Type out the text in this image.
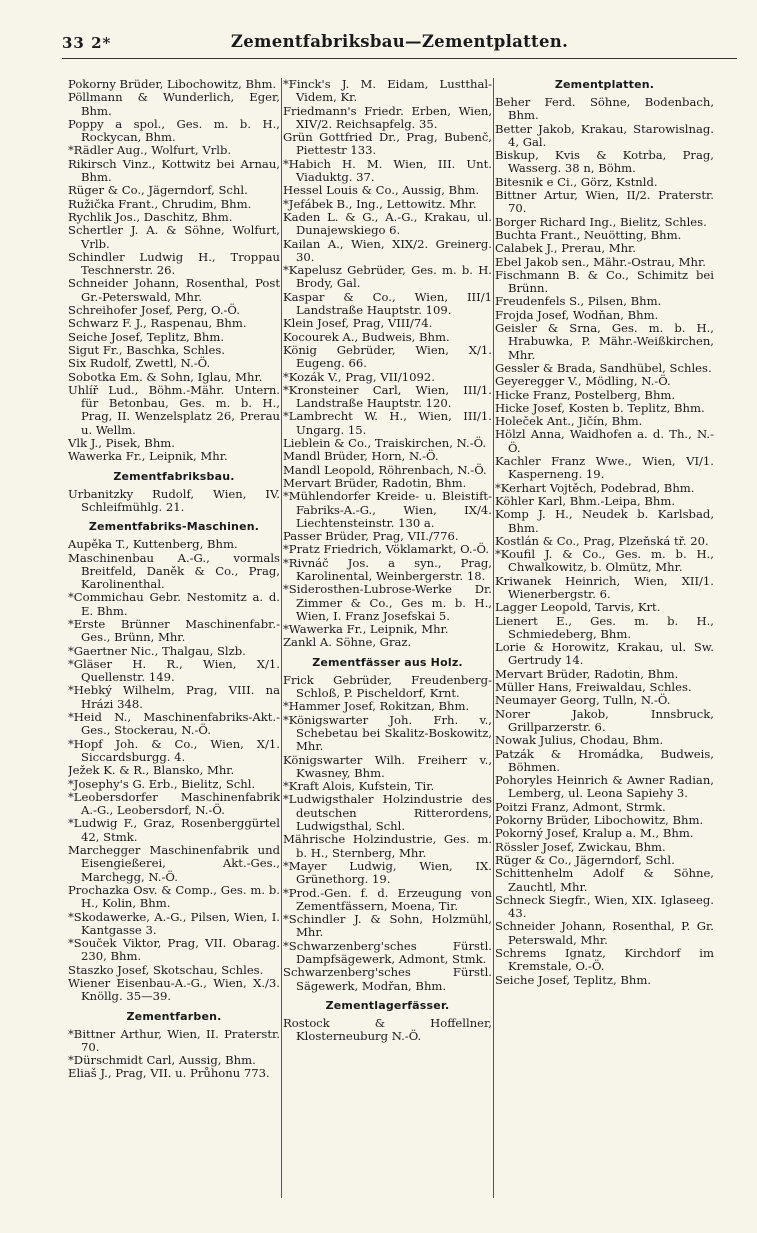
33 2*	Zementfabriksbau—Zementplatten.
Pokorny Brüder, Libochowitz, Bhm.
Pöllmann & Wunderlich, Eger, Bhm.
Poppy a spol., Ges. m. b. H., Rockycan, Bhm.
*Rädler Aug., Wolfurt, Vrlb.
Rikirsch Vinz., Kottwitz bei Arnau, Bhm.
Rüger & Co., Jägerndorf, Schl.
Ružička Frant., Chrudim, Bhm.
Rychlik Jos., Daschitz, Bhm.
Schertler J. A. & Söhne, Wolfurt, Vrlb.
Schindler Ludwig H., Troppau Teschnerstr. 26.
Schneider Johann, Rosenthal, Post Gr.-Peterswald, Mhr.
Schreihofer Josef, Perg, O.-Ö.
Schwarz F. J., Raspenau, Bhm.
Seiche Josef, Teplitz, Bhm.
Sigut Fr., Baschka, Schles.
Six Rudolf, Zwettl, N.-Ö.
Sobotka Em. & Sohn, Iglau, Mhr.
Uhlíř Lud., Böhm.-Mähr. Untern. für Betonbau, Ges. m. b. H., Prag, II. Wenzelsplatz 26, Prerau u. Wellm.
Vlk J., Pisek, Bhm.
Wawerka Fr., Leipnik, Mhr.
Zementfabriksbau.
Urbanitzky Rudolf, Wien, IV. Schleifmühlg. 21.
Zementfabriks-Maschinen.
Aupěka T., Kuttenberg, Bhm.
Maschinenbau A.-G., vormals Breitfeld, Daněk & Co., Prag, Karolinenthal.
*Commichau Gebr. Nestomitz a. d. E. Bhm.
*Erste Brünner Maschinenfabr.-Ges., Brünn, Mhr.
*Gaertner Nic., Thalgau, Slzb.
*Gläser H. R., Wien, X/1. Quellenstr. 149.
*Hebký Wilhelm, Prag, VIII. na Hrázi 348.
*Heid N., Maschinenfabriks-Akt.-Ges., Stockerau, N.-Ö.
*Hopf Joh. & Co., Wien, X/1. Siccardsburgg. 4.
Ježek K. & R., Blansko, Mhr.
*Josephy's G. Erb., Bielitz, Schl.
*Leobersdorfer Maschinenfabrik A.-G., Leobersdorf, N.-Ö.
*Ludwig F., Graz, Rosenberggürtel 42, Stmk.
Marchegger Maschinenfabrik und Eisengießerei, Akt.-Ges., Marchegg, N.-Ö.
Prochazka Osv. & Comp., Ges. m. b. H., Kolin, Bhm.
*Skodawerke, A.-G., Pilsen, Wien, I. Kantgasse 3.
*Souček Viktor, Prag, VII. Obarag. 230, Bhm.
Staszko Josef, Skotschau, Schles.
Wiener Eisenbau-A.-G., Wien, X./3. Knöllg. 35—39.
Zementfarben.
*Bittner Arthur, Wien, II. Praterstr. 70.
*Dürschmidt Carl, Aussig, Bhm.
Eliaš J., Prag, VII. u. Průhonu 773.
*Finck's J. M. Eidam, Lustthal-Videm, Kr.
Friedmann's Friedr. Erben, Wien, XIV/2. Reichsapfelg. 35.
Grün Gottfried Dr., Prag, Bubenč, Piettestr 133.
*Habich H. M. Wien, III. Unt. Viaduktg. 37.
Hessel Louis & Co., Aussig, Bhm.
*Jefábek B., Ing., Lettowitz. Mhr.
Kaden L. & G., A.-G., Krakau, ul. Dunajewskiego 6.
Kailan A., Wien, XIX/2. Greinerg. 30.
*Kapelusz Gebrüder, Ges. m. b. H. Brody, Gal.
Kaspar & Co., Wien, III/1 Landstraße Hauptstr. 109.
Klein Josef, Prag, VIII/74.
Kocourek A., Budweis, Bhm.
König Gebrüder, Wien, X/1. Eugeng. 66.
*Kozák V., Prag, VII/1092.
*Kronsteiner Carl, Wien, III/1. Landstraße Hauptstr. 120.
*Lambrecht W. H., Wien, III/1. Ungarg. 15.
Lieblein & Co., Traiskirchen, N.-Ö.
Mandl Brüder, Horn, N.-Ö.
Mandl Leopold, Röhrenbach, N.-Ö.
Mervart Brüder, Radotin, Bhm.
*Mühlendorfer Kreide- u. Bleistift-Fabriks-A.-G., Wien, IX/4. Liechtensteinstr. 130 a.
Passer Brüder, Prag, VII./776.
*Pratz Friedrich, Vöklamarkt, O.-Ö.
*Rivnáč Jos. a syn., Prag, Karolinental, Weinbergerstr. 18.
*Siderosthen-Lubrose-Werke Dr. Zimmer & Co., Ges m. b. H., Wien, I. Franz Josefskai 5.
*Wawerka Fr., Leipnik, Mhr.
Zankl A. Söhne, Graz.
Zementfässer aus Holz.
Frick Gebrüder, Freudenberg-Schloß, P. Pischeldorf, Krnt.
*Hammer Josef, Rokitzan, Bhm.
*Königswarter Joh. Frh. v., Schebetau bei Skalitz-Boskowitz, Mhr.
Königswarter Wilh. Freiherr v., Kwasney, Bhm.
*Kraft Alois, Kufstein, Tir.
*Ludwigsthaler Holzindustrie des deutschen Ritterordens, Ludwigsthal, Schl.
Mährische Holzindustrie, Ges. m. b. H., Sternberg, Mhr.
*Mayer Ludwig, Wien, IX. Grünethorg. 19.
*Prod.-Gen. f. d. Erzeugung von Zementfässern, Moena, Tir.
*Schindler J. & Sohn, Holzmühl, Mhr.
*Schwarzenberg'sches Fürstl. Dampfsägewerk, Admont, Stmk.
Schwarzenberg'sches Fürstl. Sägewerk, Modřan, Bhm.
Zementlagerfässer.
Rostock & Hoffellner, Klosterneuburg N.-Ö.
Zementplatten.
Beher Ferd. Söhne, Bodenbach, Bhm.
Better Jakob, Krakau, Starowislnag. 4, Gal.
Biskup, Kvis & Kotrba, Prag, Wasserg. 38 n, Böhm.
Bitesnik e Ci., Görz, Kstnld.
Bittner Artur, Wien, II/2. Praterstr. 70.
Borger Richard Ing., Bielitz, Schles.
Buchta Frant., Neuötting, Bhm.
Calabek J., Prerau, Mhr.
Ebel Jakob sen., Mähr.-Ostrau, Mhr.
Fischmann B. & Co., Schimitz bei Brünn.
Freudenfels S., Pilsen, Bhm.
Frojda Josef, Wodňan, Bhm.
Geisler & Srna, Ges. m. b. H., Hrabuwka, P. Mähr.-Weißkirchen, Mhr.
Gessler & Brada, Sandhübel, Schles.
Geyeregger V., Mödling, N.-Ö.
Hicke Franz, Postelberg, Bhm.
Hicke Josef, Kosten b. Teplitz, Bhm.
Holeček Ant., Jičín, Bhm.
Hölzl Anna, Waidhofen a. d. Th., N.-Ö.
Kachler Franz Wwe., Wien, VI/1. Kasperneng. 19.
*Kerhart Vojtěch, Podebrad, Bhm.
Köhler Karl, Bhm.-Leipa, Bhm.
Komp J. H., Neudek b. Karlsbad, Bhm.
Kostlán & Co., Prag, Plzeňská tř. 20.
*Koufil J. & Co., Ges. m. b. H., Chwalkowitz, b. Olmütz, Mhr.
Kriwanek Heinrich, Wien, XII/1. Wienerbergstr. 6.
Lagger Leopold, Tarvis, Krt.
Lienert E., Ges. m. b. H., Schmiedeberg, Bhm.
Lorie & Horowitz, Krakau, ul. Sw. Gertrudy 14.
Mervart Brüder, Radotin, Bhm.
Müller Hans, Freiwaldau, Schles.
Neumayer Georg, Tulln, N.-Ö.
Norer Jakob, Innsbruck, Grillparzerstr. 6.
Nowak Julius, Chodau, Bhm.
Patzák & Hromádka, Budweis, Böhmen.
Pohoryles Heinrich & Awner Radian, Lemberg, ul. Leona Sapiehy 3.
Poitzi Franz, Admont, Strmk.
Pokorny Brüder, Libochowitz, Bhm.
Pokorný Josef, Kralup a. M., Bhm.
Rössler Josef, Zwickau, Bhm.
Rüger & Co., Jägerndorf, Schl.
Schittenhelm Adolf & Söhne, Zauchtl, Mhr.
Schneck Siegfr., Wien, XIX. Iglaseeg. 43.
Schneider Johann, Rosenthal, P. Gr. Peterswald, Mhr.
Schrems Ignatz, Kirchdorf im Kremstale, O.-Ö.
Seiche Josef, Teplitz, Bhm.
